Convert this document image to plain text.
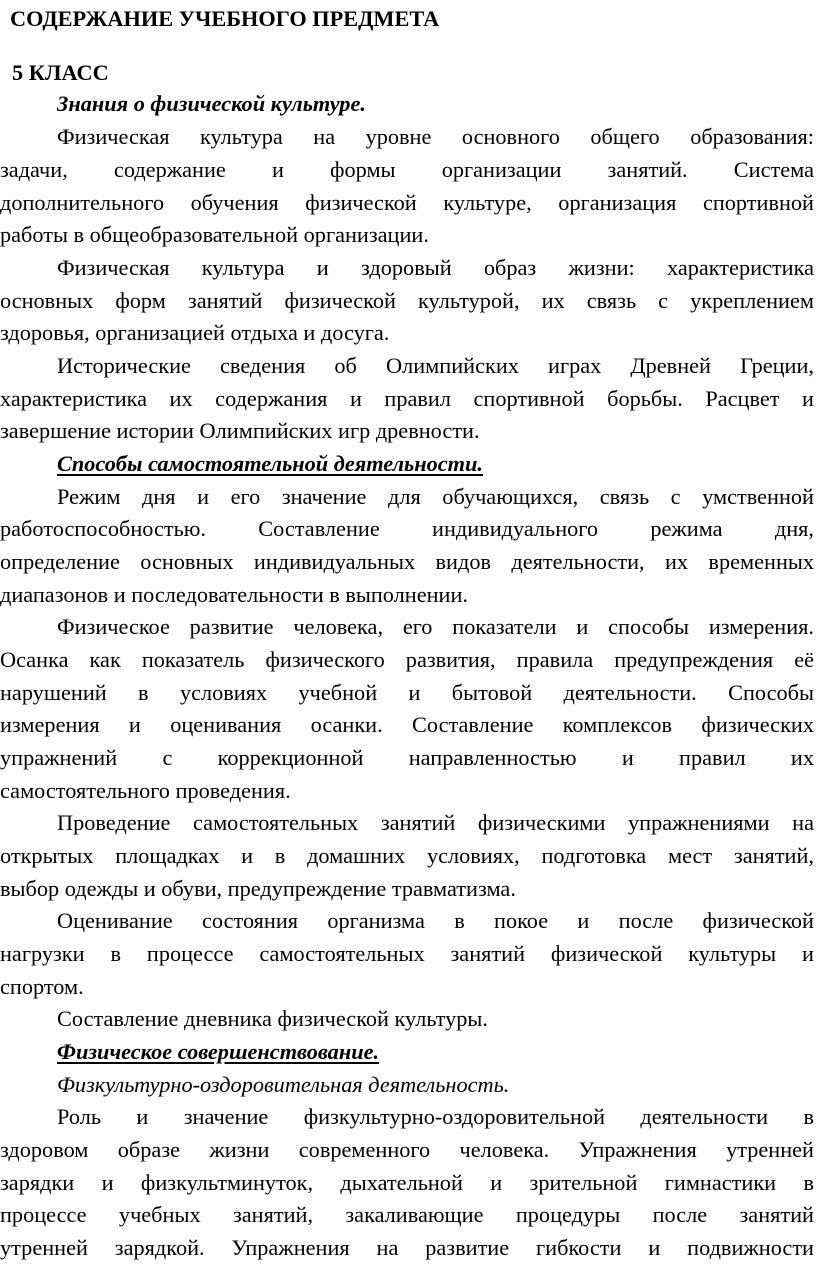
СОДЕРЖАНИЕ УЧЕБНОГО ПРЕДМЕТА
5 КЛАСС
Знания о физической культуре.
Физическая культура на уровне основного общего образования:
задачи, содержание и формы организации занятий. Система
дополнительного обучения физической культуре, организация спортивной
работы в общеобразовательной организации.
Физическая культура и здоровый образ жизни: характеристика
основных форм занятий физической культурой, их связь с укреплением
здоровья, организацией отдыха и досуга.
Исторические сведения об Олимпийских играх Древней Греции,
характеристика их содержания и правил спортивной борьбы. Расцвет и
завершение истории Олимпийских игр древности.
Способы самостоятельной деятельности.
Режим дня и его значение для обучающихся, связь с умственной
работоспособностью. Составление индивидуального режима дня,
определение основных индивидуальных видов деятельности, их временных
диапазонов и последовательности в выполнении.
Физическое развитие человека, его показатели и способы измерения.
Осанка как показатель физического развития, правила предупреждения её
нарушений в условиях учебной и бытовой деятельности. Способы
измерения и оценивания осанки. Составление комплексов физических
упражнений с коррекционной направленностью и правил их
самостоятельного проведения.
Проведение самостоятельных занятий физическими упражнениями на
открытых площадках и в домашних условиях, подготовка мест занятий,
выбор одежды и обуви, предупреждение травматизма.
Оценивание состояния организма в покое и после физической
нагрузки в процессе самостоятельных занятий физической культуры и
спортом.
Составление дневника физической культуры.
Физическое совершенствование.
Физкультурно-оздоровительная деятельность.
Роль и значение физкультурно-оздоровительной деятельности в
здоровом образе жизни современного человека. Упражнения утренней
зарядки и физкультминуток, дыхательной и зрительной гимнастики в
процессе учебных занятий, закаливающие процедуры после занятий
утренней зарядкой. Упражнения на развитие гибкости и подвижности
